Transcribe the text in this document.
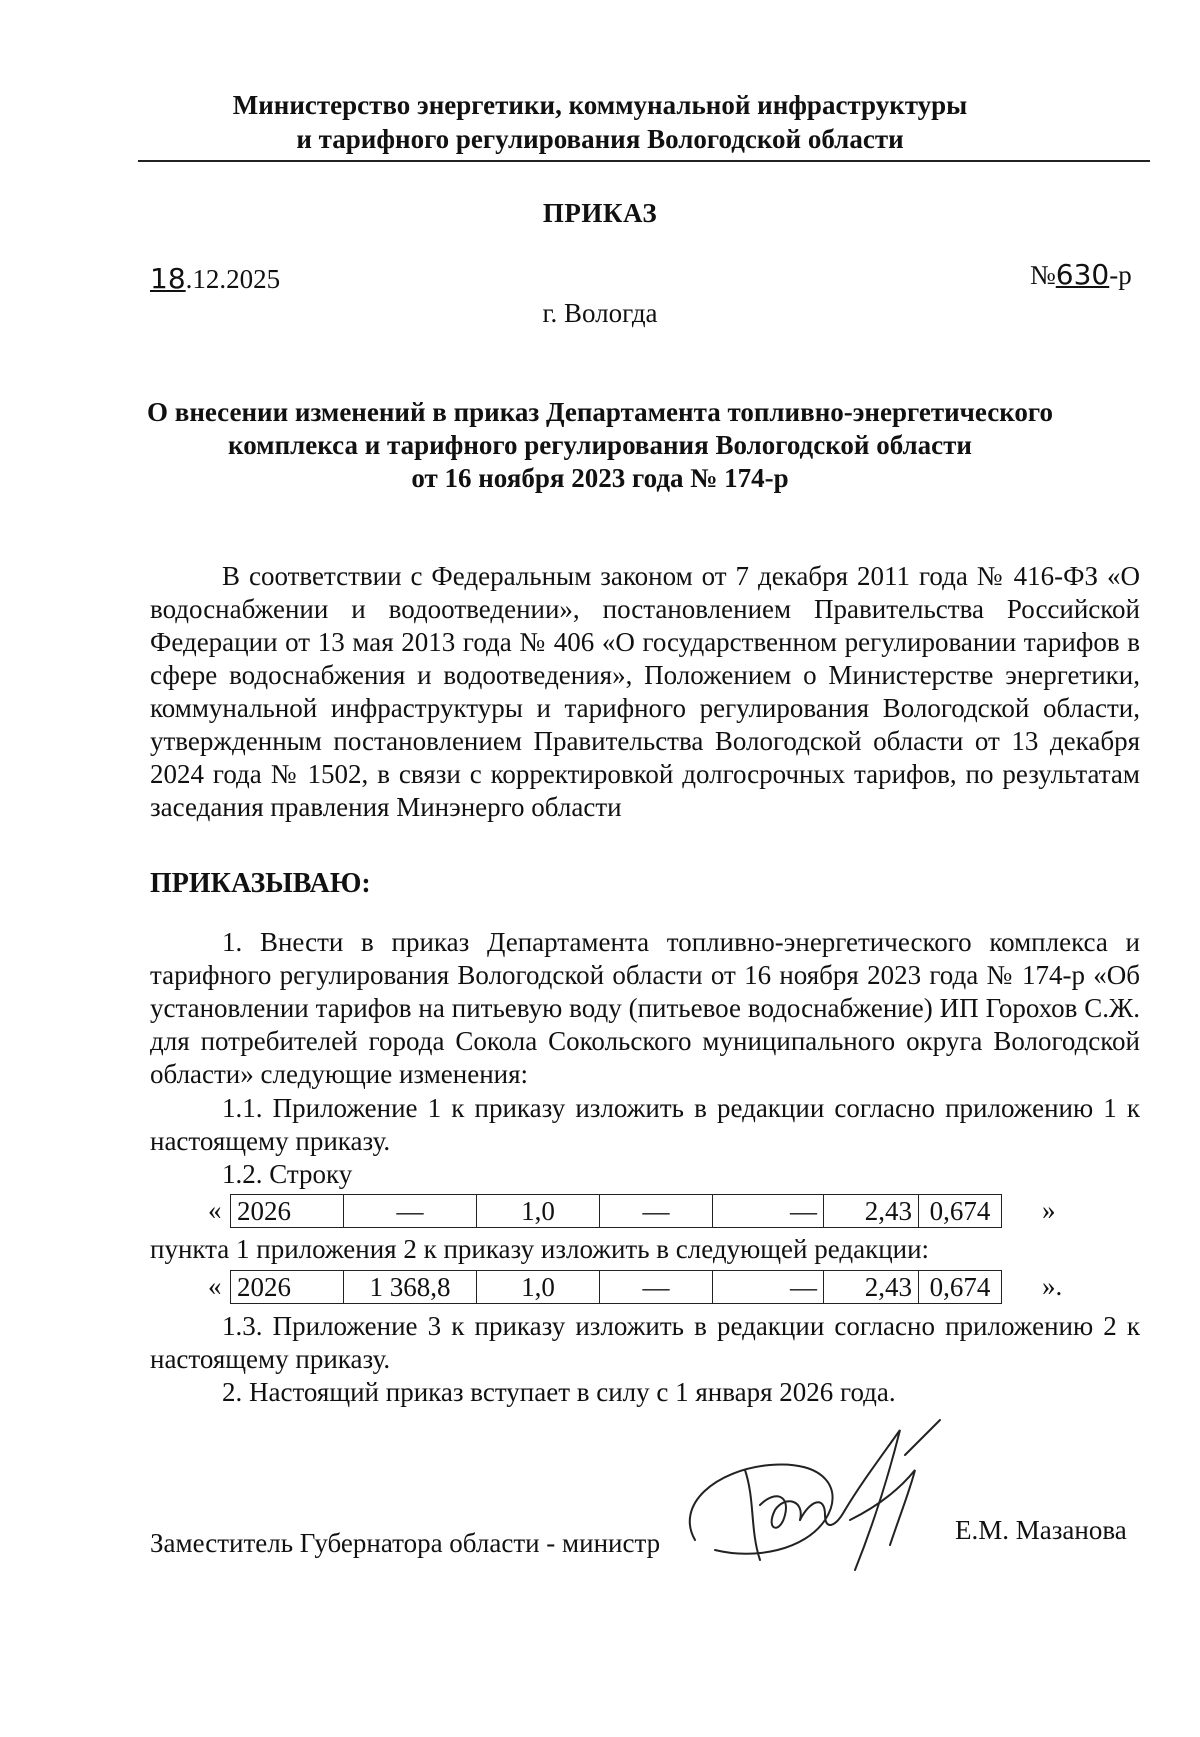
Министерство энергетики, коммунальной инфраструктуры
и тарифного регулирования Вологодской области
ПРИКАЗ
18.12.2025	№630-р
г. Вологда
О внесении изменений в приказ Департамента топливно-энергетического
комплекса и тарифного регулирования Вологодской области
от 16 ноября 2023 года № 174-р
В соответствии с Федеральным законом от 7 декабря 2011 года № 416-ФЗ «О водоснабжении и водоотведении», постановлением Правительства Российской Федерации от 13 мая 2013 года № 406 «О государственном регулировании тарифов в сфере водоснабжения и водоотведения», Положением о Министерстве энергетики, коммунальной инфраструктуры и тарифного регулирования Вологодской области, утвержденным постановлением Правительства Вологодской области от 13 декабря 2024 года № 1502, в связи с корректировкой долгосрочных тарифов, по результатам заседания правления Минэнерго области
ПРИКАЗЫВАЮ:
1. Внести в приказ Департамента топливно-энергетического комплекса и тарифного регулирования Вологодской области от 16 ноября 2023 года № 174-р «Об установлении тарифов на питьевую воду (питьевое водоснабжение) ИП Горохов С.Ж. для потребителей города Сокола Сокольского муниципального округа Вологодской области» следующие изменения:
1.1. Приложение 1 к приказу изложить в редакции согласно приложению 1 к настоящему приказу.
1.2. Строку
« 2026	—	1,0	—	—	2,43	0,674 »
пункта 1 приложения 2 к приказу изложить в следующей редакции:
« 2026	1 368,8	1,0	—	—	2,43	0,674 ».
1.3. Приложение 3 к приказу изложить в редакции согласно приложению 2 к настоящему приказу.
2. Настоящий приказ вступает в силу с 1 января 2026 года.
Заместитель Губернатора области - министр	Е.М. Мазанова
